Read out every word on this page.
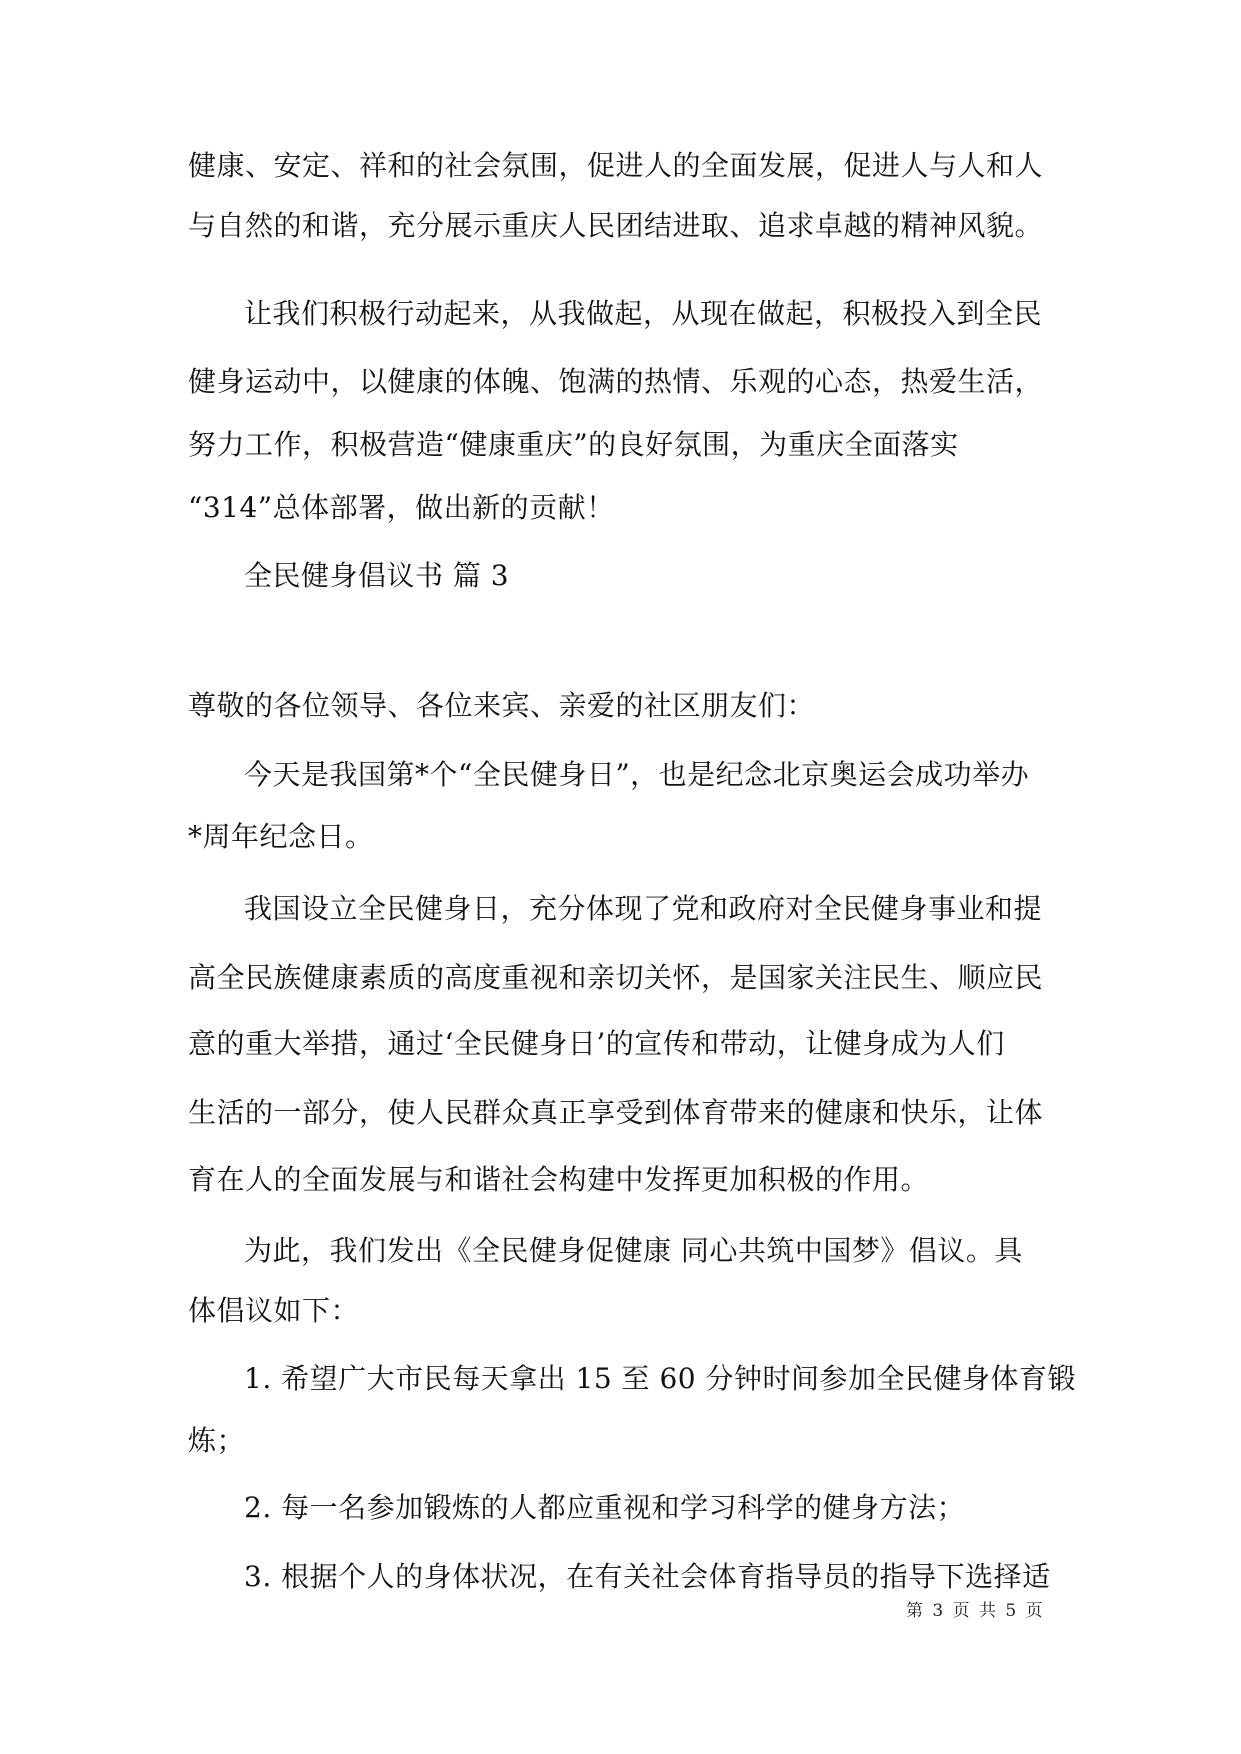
健康、安定、祥和的社会氛围，促进人的全面发展，促进人与人和人
与自然的和谐，充分展示重庆人民团结进取、追求卓越的精神风貌。
让我们积极行动起来，从我做起，从现在做起，积极投入到全民
健身运动中，以健康的体魄、饱满的热情、乐观的心态，热爱生活，
努力工作，积极营造“健康重庆”的良好氛围，为重庆全面落实
“314”总体部署，做出新的贡献！
全民健身倡议书 篇 3
尊敬的各位领导、各位来宾、亲爱的社区朋友们：
今天是我国第*个“全民健身日”，也是纪念北京奥运会成功举办
*周年纪念日。
我国设立全民健身日，充分体现了党和政府对全民健身事业和提
高全民族健康素质的高度重视和亲切关怀，是国家关注民生、顺应民
意的重大举措，通过‘全民健身日’的宣传和带动，让健身成为人们
生活的一部分，使人民群众真正享受到体育带来的健康和快乐，让体
育在人的全面发展与和谐社会构建中发挥更加积极的作用。
为此，我们发出《全民健身促健康 同心共筑中国梦》倡议。具
体倡议如下：
1. 希望广大市民每天拿出 15 至 60 分钟时间参加全民健身体育锻
炼；
2. 每一名参加锻炼的人都应重视和学习科学的健身方法；
3. 根据个人的身体状况，在有关社会体育指导员的指导下选择适
第 3 页 共 5 页
